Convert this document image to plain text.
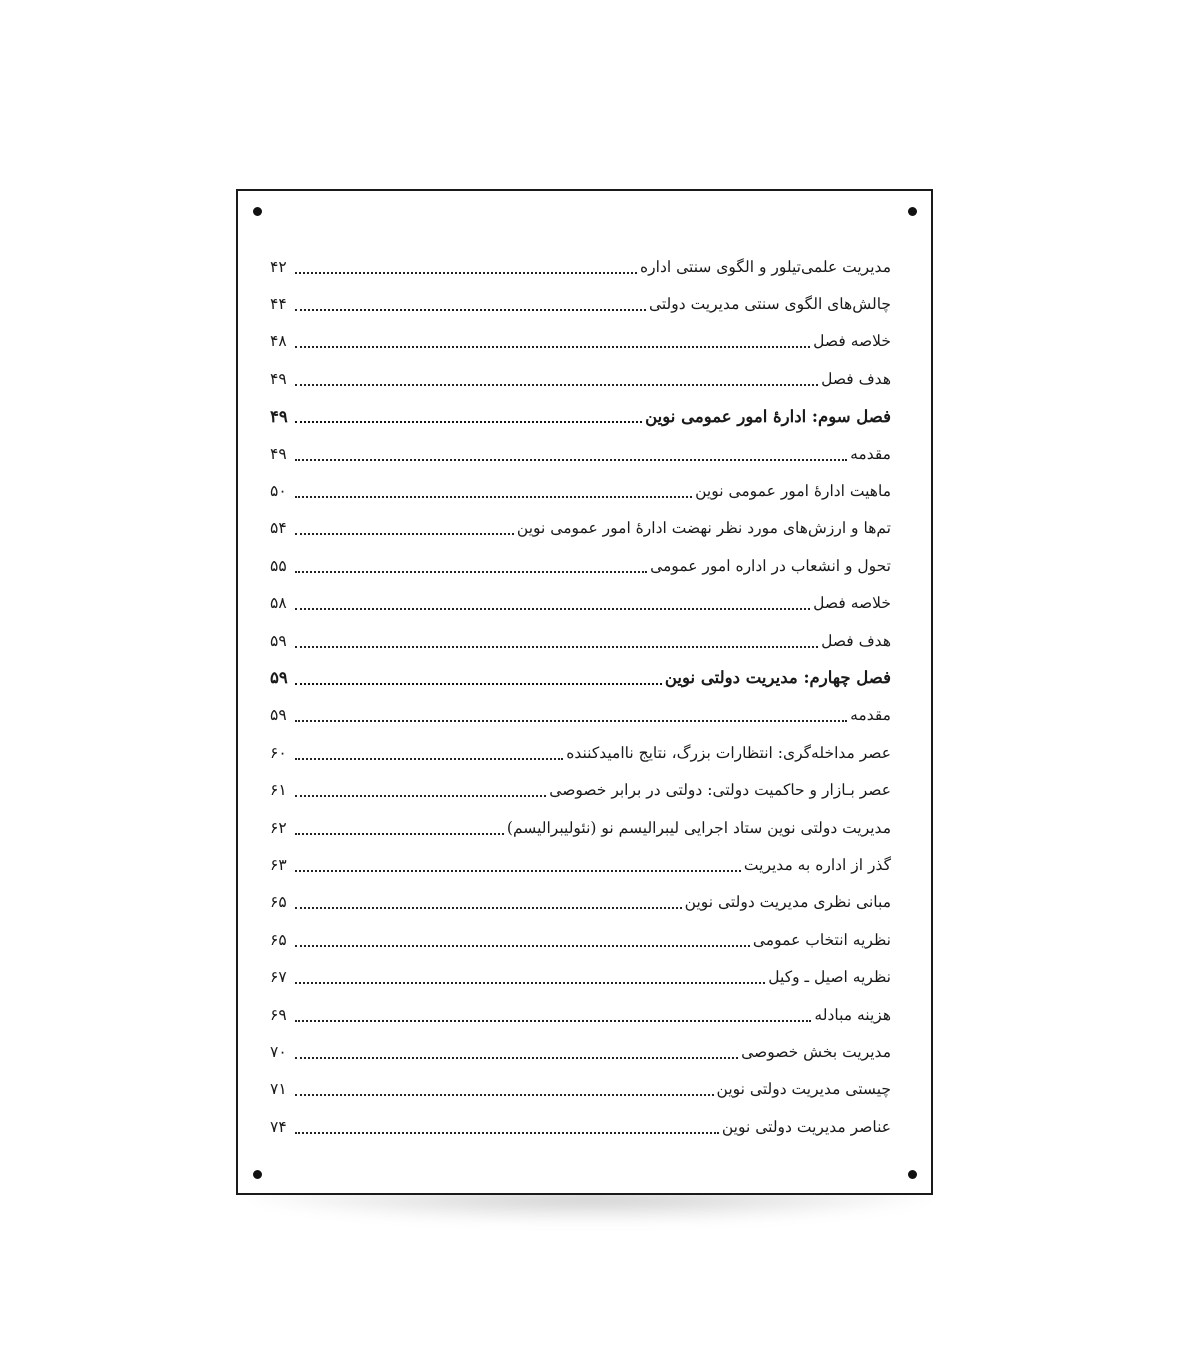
مدیریت علمی‌تیلور و الگوی سنتی اداره
۴۲
چالش‌های الگوی سنتی مدیریت دولتی
۴۴
خلاصه فصل
۴۸
هدف فصل
۴۹
فصل سوم: ادارهٔ امور عمومی نوین
۴۹
مقدمه
۴۹
ماهیت ادارهٔ امور عمومی نوین
۵۰
تم‌ها و ارزش‌های مورد نظر نهضت ادارهٔ امور عمومی نوین
۵۴
تحول و انشعاب در اداره امور عمومی
۵۵
خلاصه فصل
۵۸
هدف فصل
۵۹
فصل چهارم: مدیریت دولتی نوین
۵۹
مقدمه
۵۹
عصر مداخله‌گری: انتظارات بزرگ، نتایج ناامیدکننده
۶۰
عصر بـازار و حاکمیت دولتی: دولتی در برابر خصوصی
۶۱
مدیریت دولتی نوین ستاد اجرایی لیبرالیسم نو (نئولیبرالیسم)
۶۲
گذر از اداره به مدیریت
۶۳
مبانی نظری مدیریت دولتی نوین
۶۵
نظریه انتخاب عمومی
۶۵
نظریه اصیل ـ وکیل
۶۷
هزینه مبادله
۶۹
مدیریت بخش خصوصی
۷۰
چیستی مدیریت دولتی نوین
۷۱
عناصر مدیریت دولتی نوین
۷۴
